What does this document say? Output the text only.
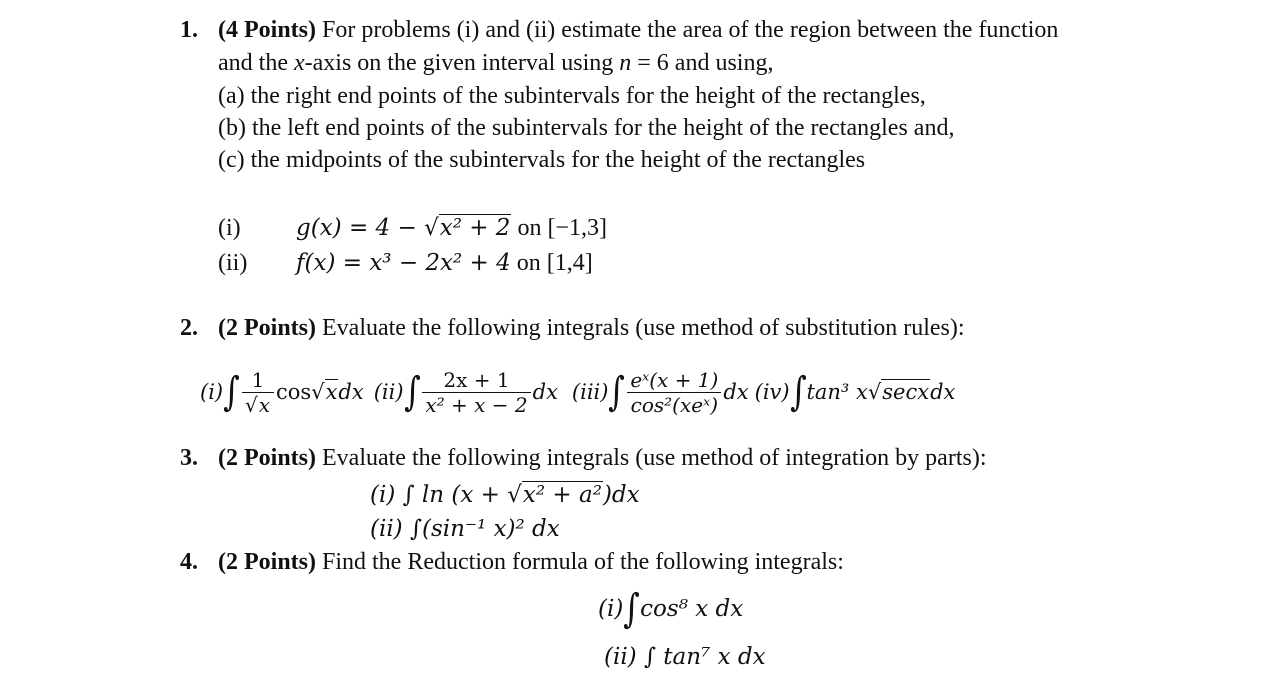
1. (4 Points) For problems (i) and (ii) estimate the area of the region between the function
and the x-axis on the given interval using n = 6 and using,
(a) the right end points of the subintervals for the height of the rectangles,
(b) the left end points of the subintervals for the height of the rectangles and,
(c) the midpoints of the subintervals for the height of the rectangles
(i) g(x) = 4 − √x² + 2 on [−1,3]
(ii) f(x) = x³ − 2x² + 4 on [1,4]
2. (2 Points) Evaluate the following integrals (use method of substitution rules):
(i) ∫ $\frac{1}{√x}$ cos √x dx (ii) ∫ $\frac{2x + 1}{\text{x² + x − 2}}$ dx (iii) ∫ $\frac{\text{eˣ(x + 1)}}{\text{cos²(xeˣ)}}$ dx (iv) ∫ tan³ x √secx dx
3. (2 Points) Evaluate the following integrals (use method of integration by parts):
(i) ∫ ln (x + √x² + a²)dx
(ii) ∫(sin⁻¹ x)² dx
4. (2 Points) Find the Reduction formula of the following integrals:
(i) ∫ cos⁸ x dx
(ii) ∫ tan⁷ x dx
